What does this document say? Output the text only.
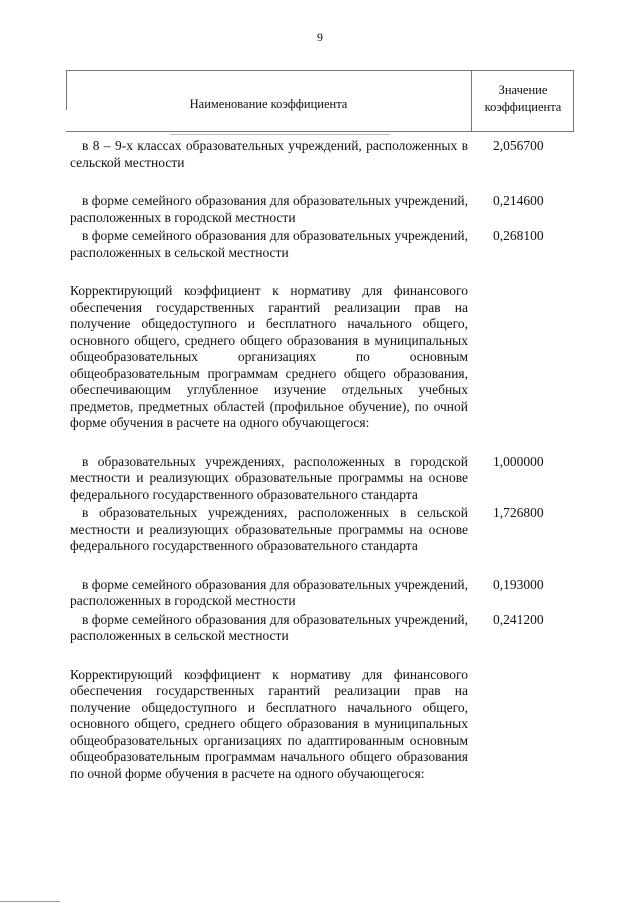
9
Наименование коэффициента
Значение
коэффициента
в 8 – 9-х классах образовательных учреждений, расположенных в сельской местности
2,056700
в форме семейного образования для образовательных учреждений, расположенных в городской местности
0,214600
в форме семейного образования для образовательных учреждений, расположенных в сельской местности
0,268100
Корректирующий коэффициент к нормативу для финансового обеспечения государственных гарантий реализации прав на получение общедоступного и бесплатного начального общего, основного общего, среднего общего образования в муниципальных общеобразовательных организациях по основным общеобразовательным программам среднего общего образования, обеспечивающим углубленное изучение отдельных учебных предметов, предметных областей (профильное обучение), по очной форме обучения в расчете на одного обучающегося:
в образовательных учреждениях, расположенных в городской местности и реализующих образовательные программы на основе федерального государственного образовательного стандарта
1,000000
в образовательных учреждениях, расположенных в сельской местности и реализующих образовательные программы на основе федерального государственного образовательного стандарта
1,726800
в форме семейного образования для образовательных учреждений, расположенных в городской местности
0,193000
в форме семейного образования для образовательных учреждений, расположенных в сельской местности
0,241200
Корректирующий коэффициент к нормативу для финансового обеспечения государственных гарантий реализации прав на получение общедоступного и бесплатного начального общего, основного общего, среднего общего образования в муниципальных общеобразовательных организациях по адаптированным основным общеобразовательным программам начального общего образования по очной форме обучения в расчете на одного обучающегося:
